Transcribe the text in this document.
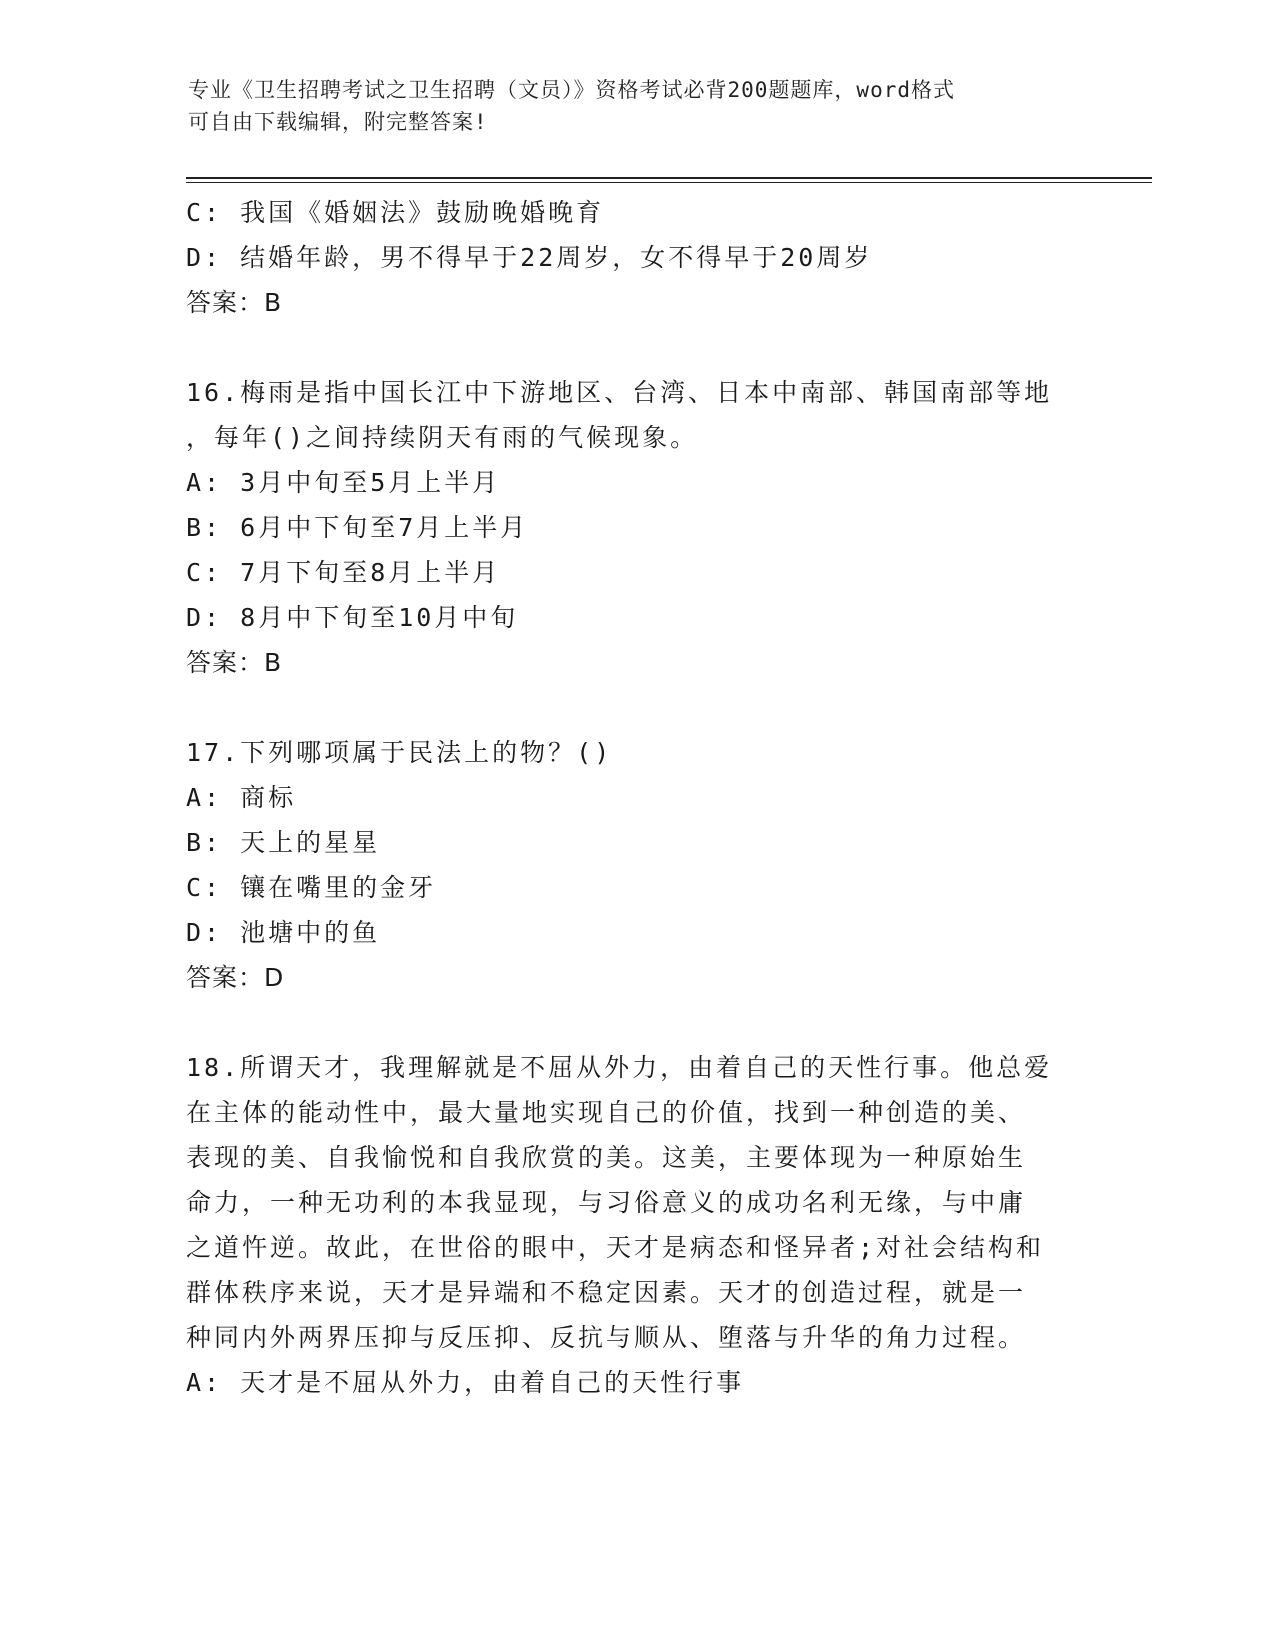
专业《卫生招聘考试之卫生招聘（文员）》资格考试必背200题题库，word格式
可自由下载编辑，附完整答案!
C: 我国《婚姻法》鼓励晚婚晚育
D: 结婚年龄，男不得早于22周岁，女不得早于20周岁
答案：B
16.梅雨是指中国长江中下游地区、台湾、日本中南部、韩国南部等地
，每年()之间持续阴天有雨的气候现象。
A: 3月中旬至5月上半月
B: 6月中下旬至7月上半月
C: 7月下旬至8月上半月
D: 8月中下旬至10月中旬
答案：B
17.下列哪项属于民法上的物？()
A: 商标
B: 天上的星星
C: 镶在嘴里的金牙
D: 池塘中的鱼
答案：D
18.所谓天才，我理解就是不屈从外力，由着自己的天性行事。他总爱
在主体的能动性中，最大量地实现自己的价值，找到一种创造的美、
表现的美、自我愉悦和自我欣赏的美。这美，主要体现为一种原始生
命力，一种无功利的本我显现，与习俗意义的成功名利无缘，与中庸
之道忤逆。故此，在世俗的眼中，天才是病态和怪异者;对社会结构和
群体秩序来说，天才是异端和不稳定因素。天才的创造过程，就是一
种同内外两界压抑与反压抑、反抗与顺从、堕落与升华的角力过程。
A: 天才是不屈从外力，由着自己的天性行事
